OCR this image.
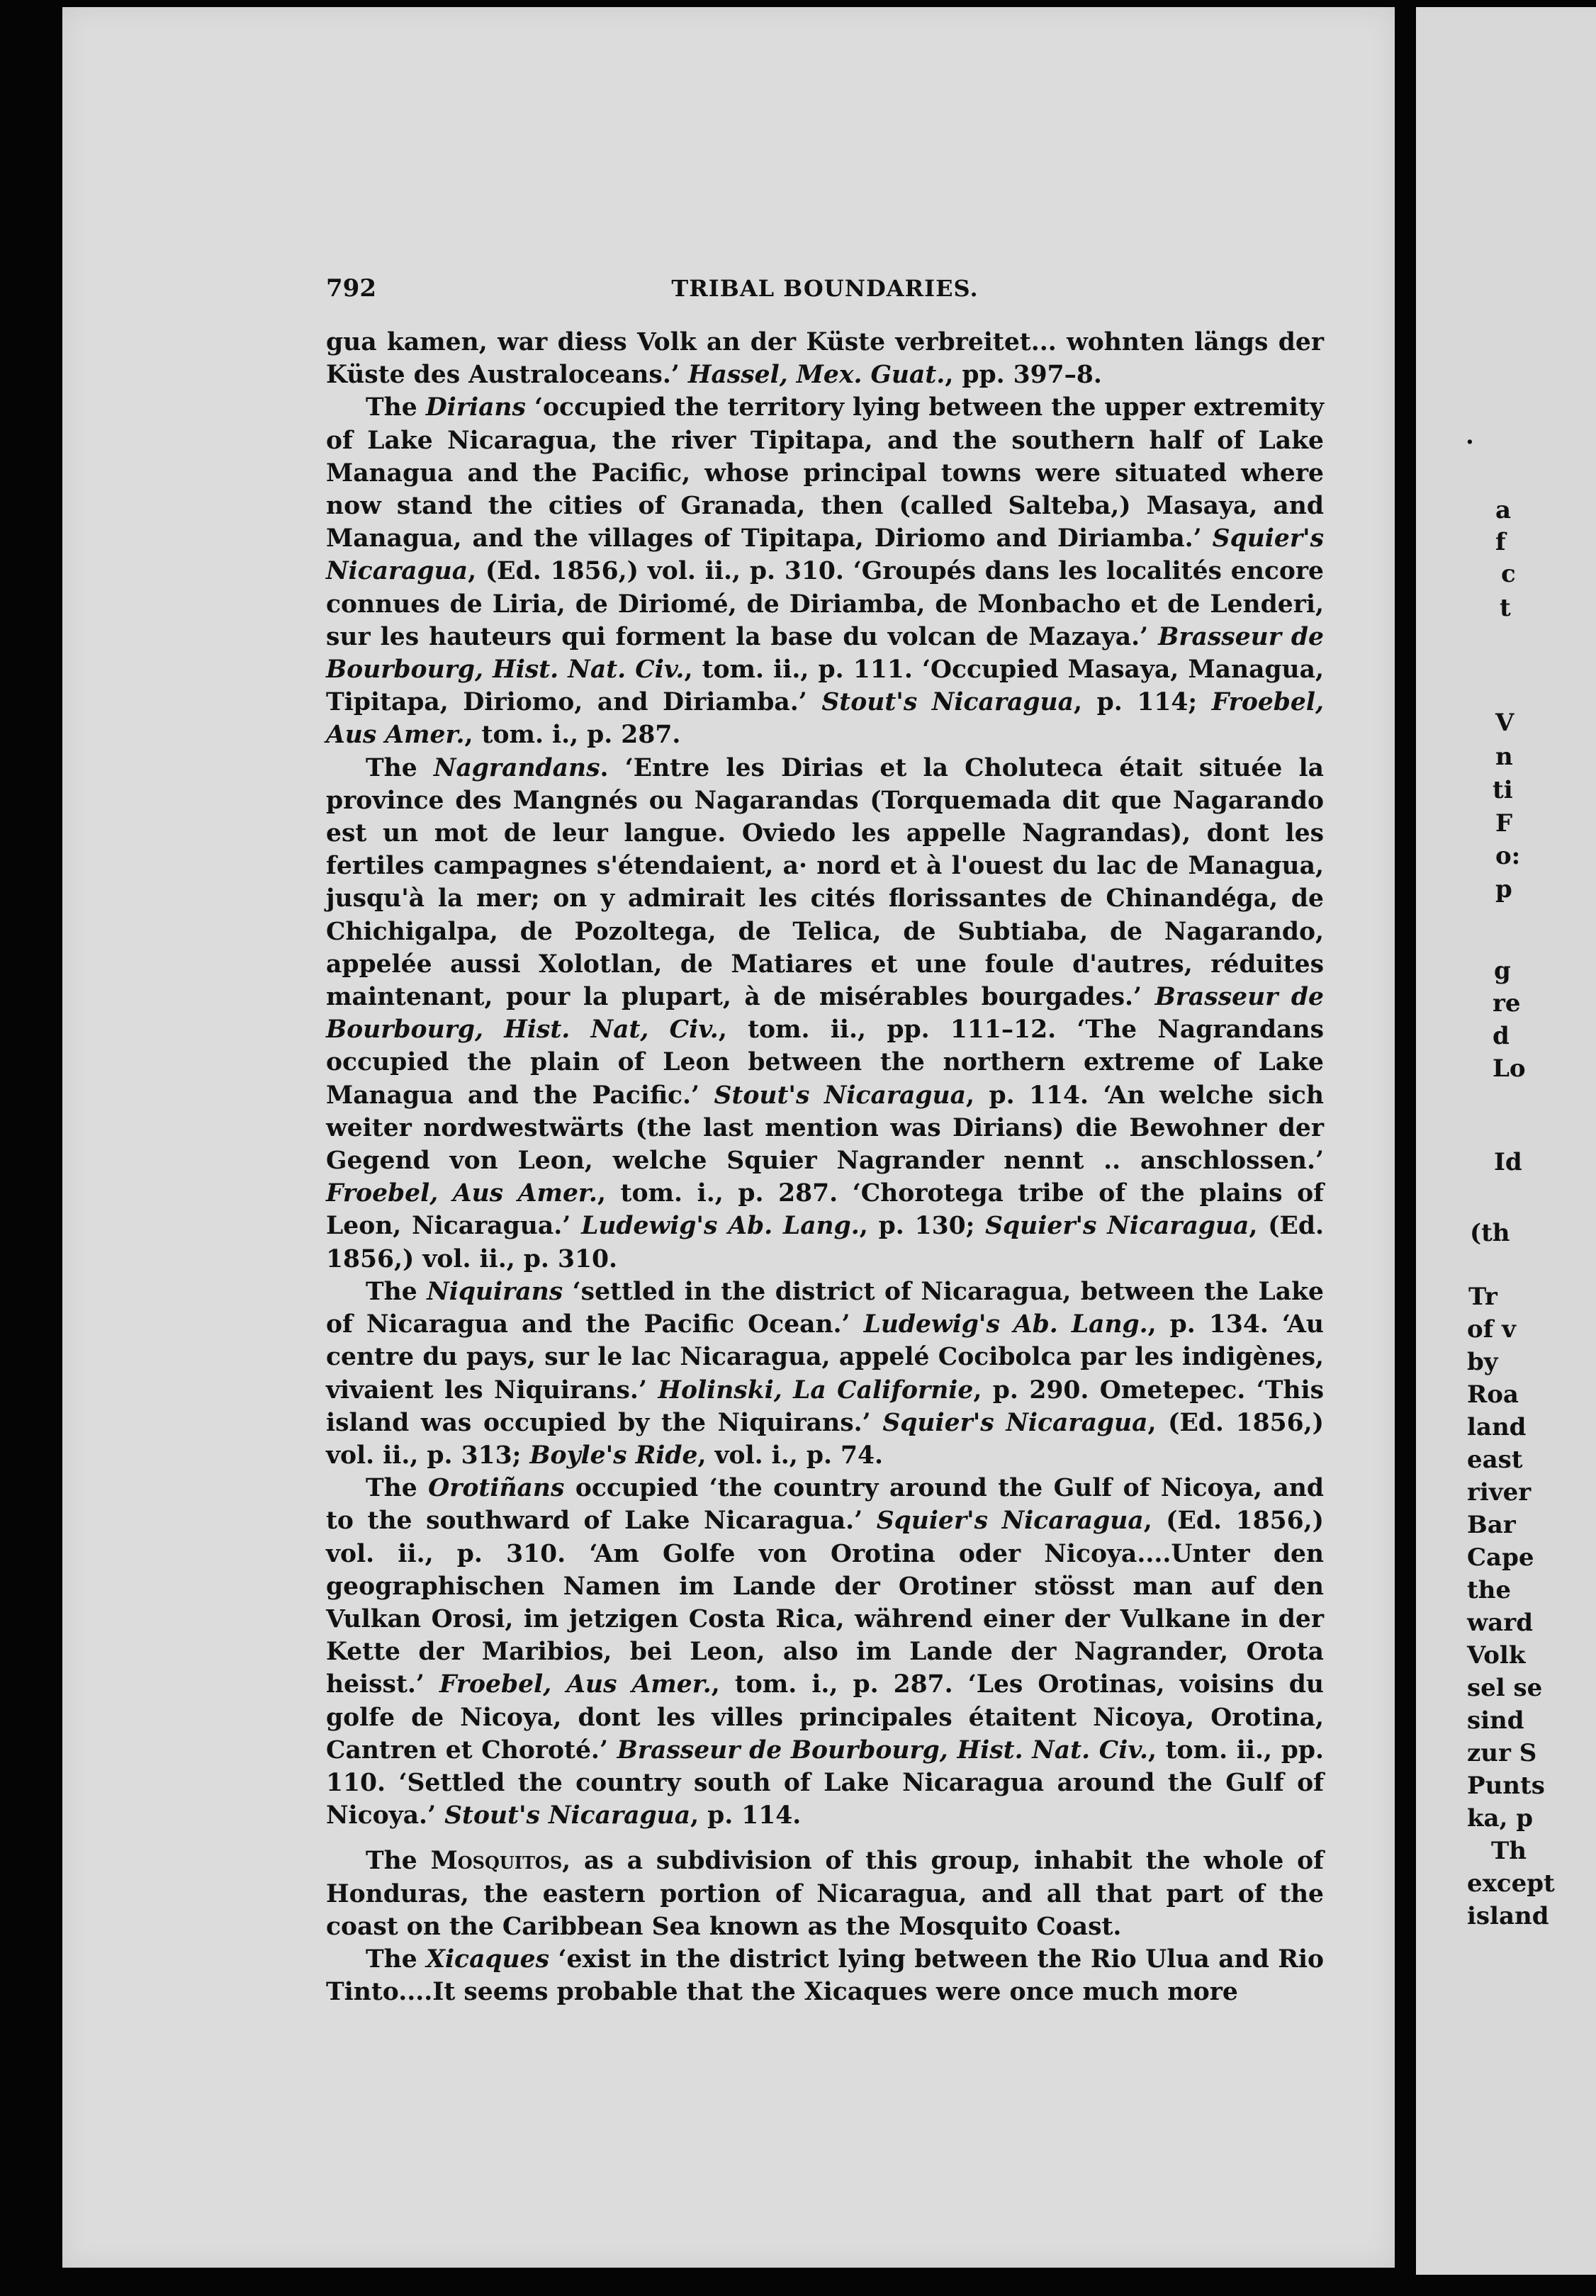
792	TRIBAL BOUNDARIES.

gua kamen, war diess Volk an der Küste verbreitet... wohnten längs der Küste des Australoceans.’ Hassel, Mex. Guat., pp. 397–8.

The Dirians ‘occupied the territory lying between the upper extremity of Lake Nicaragua, the river Tipitapa, and the southern half of Lake Managua and the Pacific, whose principal towns were situated where now stand the cities of Granada, then (called Salteba,) Masaya, and Managua, and the villages of Tipitapa, Diriomo and Diriamba.’ Squier's Nicaragua, (Ed. 1856,) vol. ii., p. 310. ‘Groupés dans les localités encore connues de Liria, de Diriomé, de Diriamba, de Monbacho et de Lenderi, sur les hauteurs qui forment la base du volcan de Mazaya.’ Brasseur de Bourbourg, Hist. Nat. Civ., tom. ii., p. 111. ‘Occupied Masaya, Managua, Tipitapa, Diriomo, and Diriamba.’ Stout's Nicaragua, p. 114; Froebel, Aus Amer., tom. i., p. 287.

The Nagrandans. ‘Entre les Dirias et la Choluteca était située la province des Mangnés ou Nagarandas (Torquemada dit que Nagarando est un mot de leur langue. Oviedo les appelle Nagrandas), dont les fertiles campagnes s'étendaient, a· nord et à l'ouest du lac de Managua, jusqu'à la mer; on y admirait les cités florissantes de Chinandéga, de Chichigalpa, de Pozoltega, de Telica, de Subtiaba, de Nagarando, appelée aussi Xolotlan, de Matiares et une foule d'autres, réduites maintenant, pour la plupart, à de misérables bourgades.’ Brasseur de Bourbourg, Hist. Nat, Civ., tom. ii., pp. 111–12. ‘The Nagrandans occupied the plain of Leon between the northern extreme of Lake Managua and the Pacific.’ Stout's Nicaragua, p. 114. ‘An welche sich weiter nordwestwärts (the last mention was Dirians) die Bewohner der Gegend von Leon, welche Squier Nagrander nennt .. anschlossen.’ Froebel, Aus Amer., tom. i., p. 287. ‘Chorotega tribe of the plains of Leon, Nicaragua.’ Ludewig's Ab. Lang., p. 130; Squier's Nicaragua, (Ed. 1856,) vol. ii., p. 310.

The Niquirans ‘settled in the district of Nicaragua, between the Lake of Nicaragua and the Pacific Ocean.’ Ludewig's Ab. Lang., p. 134. ‘Au centre du pays, sur le lac Nicaragua, appelé Cocibolca par les indigènes, vivaient les Niquirans.’ Holinski, La Californie, p. 290. Ometepec. ‘This island was occupied by the Niquirans.’ Squier's Nicaragua, (Ed. 1856,) vol. ii., p. 313; Boyle's Ride, vol. i., p. 74.

The Orotiñans occupied ‘the country around the Gulf of Nicoya, and to the southward of Lake Nicaragua.’ Squier's Nicaragua, (Ed. 1856,) vol. ii., p. 310. ‘Am Golfe von Orotina oder Nicoya....Unter den geographischen Namen im Lande der Orotiner stösst man auf den Vulkan Orosi, im jetzigen Costa Rica, während einer der Vulkane in der Kette der Maribios, bei Leon, also im Lande der Nagrander, Orota heisst.’ Froebel, Aus Amer., tom. i., p. 287. ‘Les Orotinas, voisins du golfe de Nicoya, dont les villes principales étaitent Nicoya, Orotina, Cantren et Choroté.’ Brasseur de Bourbourg, Hist. Nat. Civ., tom. ii., pp. 110. ‘Settled the country south of Lake Nicaragua around the Gulf of Nicoya.’ Stout's Nicaragua, p. 114.

The Mosquitos, as a subdivision of this group, inhabit the whole of Honduras, the eastern portion of Nicaragua, and all that part of the coast on the Caribbean Sea known as the Mosquito Coast.

The Xicaques ‘exist in the district lying between the Rio Ulua and Rio Tinto....It seems probable that the Xicaques were once much more

.
a
f
c
t
V
n
ti
F
o:
p
g
re
d
Lo
Id
(th
Tr
of v
by
Roa
land
east
river
Bar
Cape
the
ward
Volk
sel se
sind
zur S
Punts
ka, p
Th
except
island
